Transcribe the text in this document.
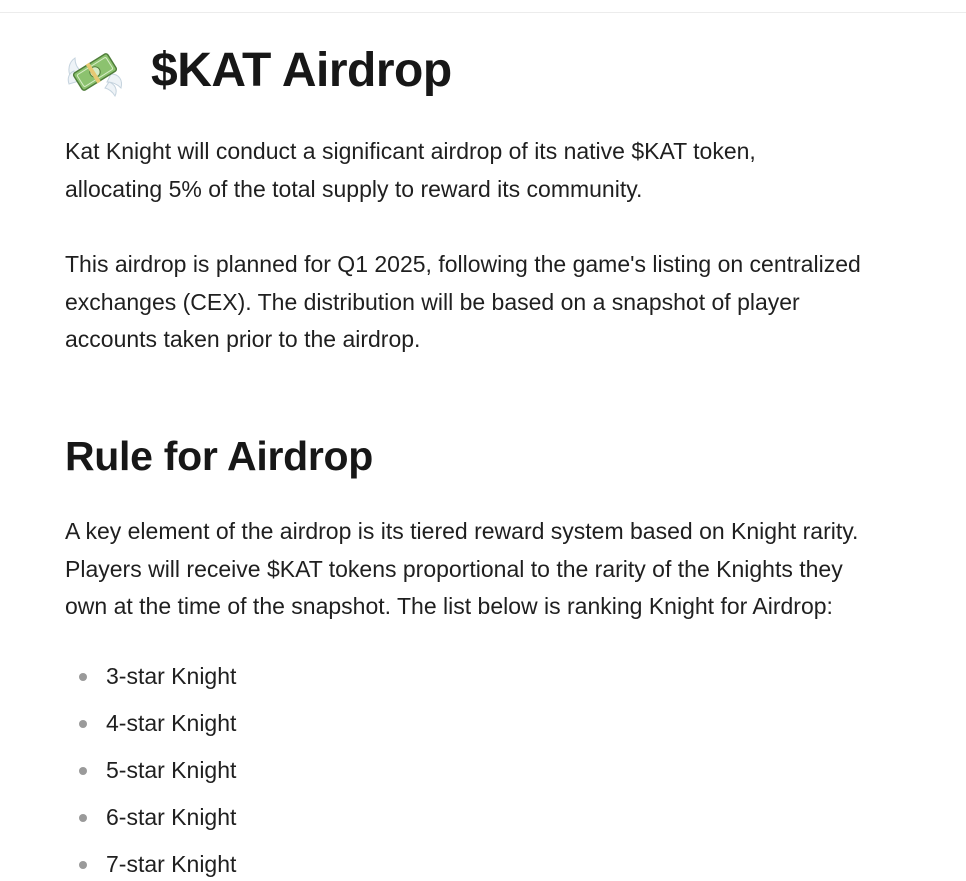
$KAT Airdrop

Kat Knight will conduct a significant airdrop of its native $KAT token,
allocating 5% of the total supply to reward its community.

This airdrop is planned for Q1 2025, following the game's listing on centralized
exchanges (CEX). The distribution will be based on a snapshot of player
accounts taken prior to the airdrop.

Rule for Airdrop

A key element of the airdrop is its tiered reward system based on Knight rarity.
Players will receive $KAT tokens proportional to the rarity of the Knights they
own at the time of the snapshot. The list below is ranking Knight for Airdrop:

3-star Knight
4-star Knight
5-star Knight
6-star Knight
7-star Knight
